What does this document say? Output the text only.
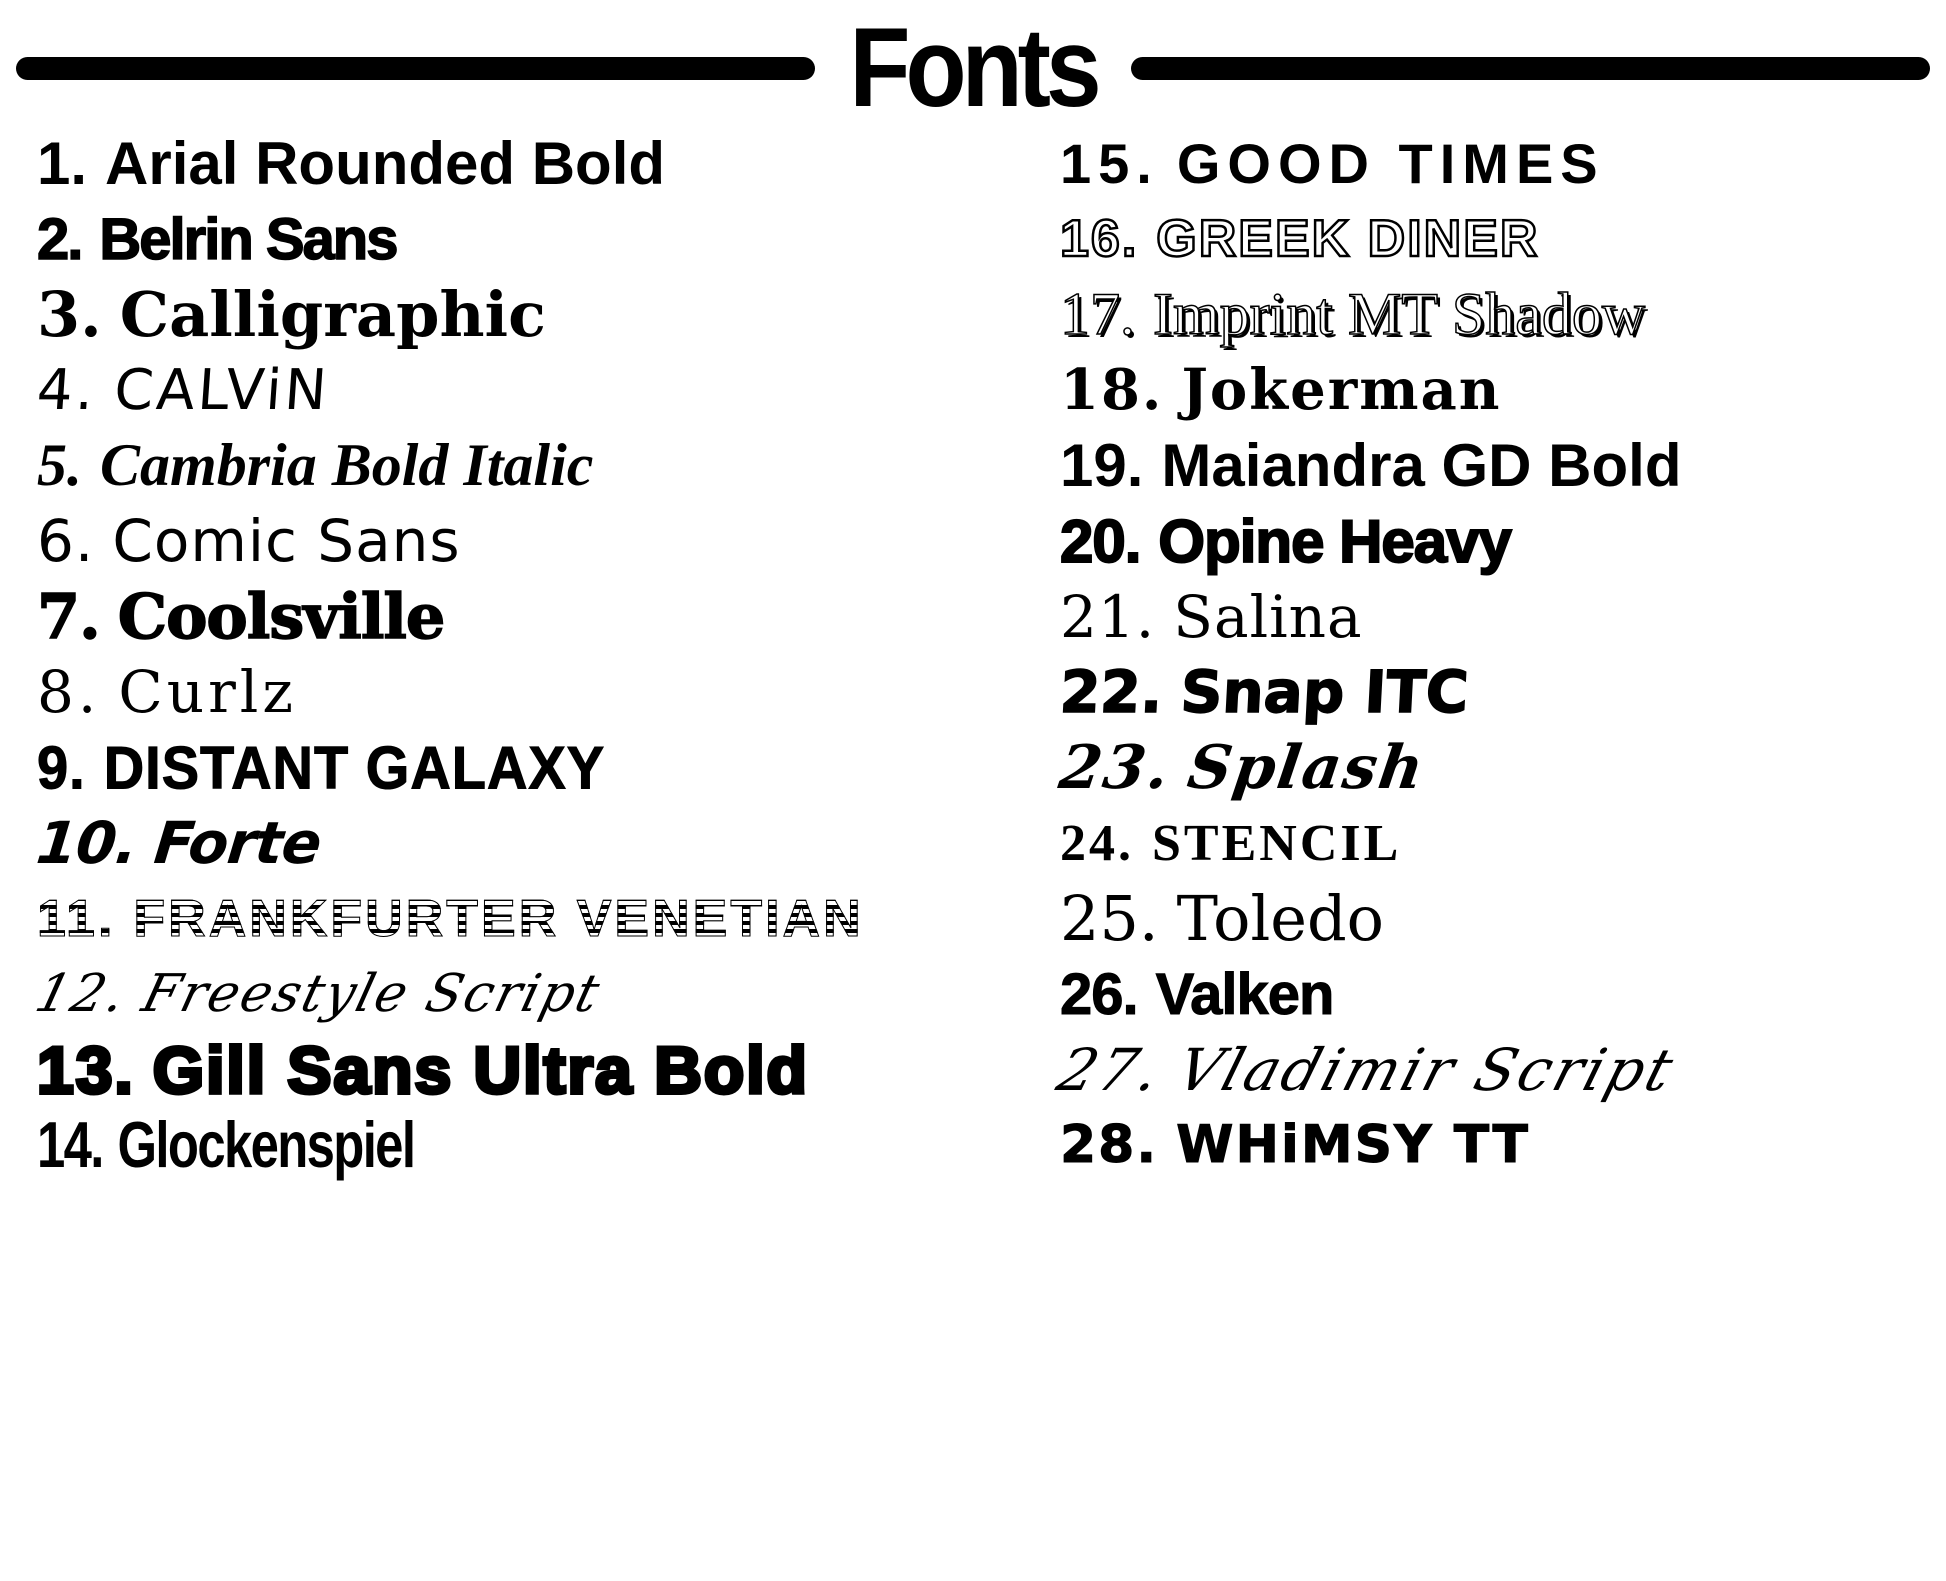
Fonts
1. Arial Rounded Bold
2. Belrin Sans
3. Calligraphic
4. CALViN
5. Cambria Bold Italic
6. Comic Sans
7. Coolsville
8. Curlz
9. DISTANT GALAXY
10. Forte
11. FRANKFURTER VENETIAN
12. Freestyle Script
13. Gill Sans Ultra Bold
14. Glockenspiel
15. GOOD TIMES
16. GREEK DINER
17. Imprint MT Shadow
18. Jokerman
19. Maiandra GD Bold
20. Opine Heavy
21. Salina
22. Snap ITC
23. Splash
24. STENCIL
25. Toledo
26. Valken
27.
Vladimir Script
28. WHiMSY TT
